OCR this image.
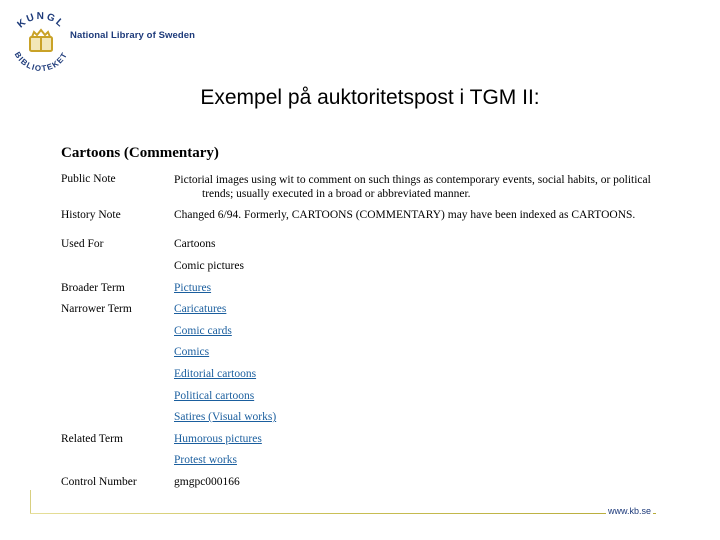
KUNGL
BIBLIOTEKET
National Library of Sweden
Exempel på auktoritetspost i TGM II:
Cartoons (Commentary)
Public Note	Pictorial images using wit to comment on such things as contemporary events, social habits, or political
trends; usually executed in a broad or abbreviated manner.
History Note	Changed 6/94. Formerly, CARTOONS (COMMENTARY) may have been indexed as CARTOONS.
Used For	Cartoons
Comic pictures
Broader Term	Pictures
Narrower Term	Caricatures
Comic cards
Comics
Editorial cartoons
Political cartoons
Satires (Visual works)
Related Term	Humorous pictures
Protest works
Control Number	gmgpc000166
www.kb.se
